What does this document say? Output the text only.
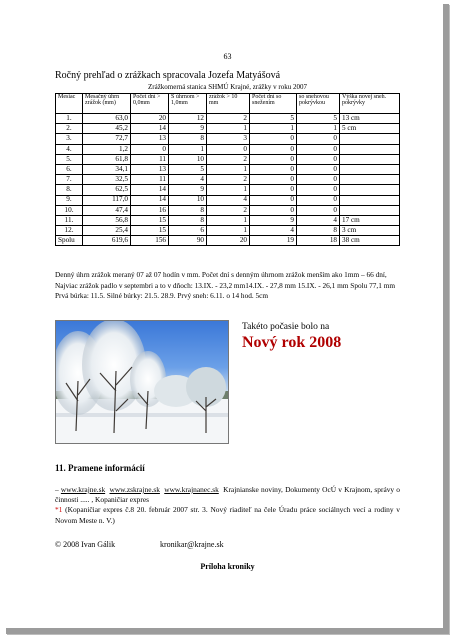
63
Ročný prehľad o zrážkach spracovala Jozefa Matyášová
Zrážkomerná stanica SHMÚ Krajné, zrážky v roku 2007
Mesiac	Mesačný úhrn zrážok (mm)	Počet dní > 0,0mm	S úhrnom > 1,0mm	zrážok > 10 mm	Počet dní so snežením	so snehovou pokrývkou	Výška novej sneh. pokrývky
1.	63,0	20	12	2	5	5	13 cm
2.	45,2	14	9	1	1	1	5 cm
3.	72,7	13	8	3	0	0	
4.	1,2	0	1	0	0	0	
5.	61,8	11	10	2	0	0	
6.	34,1	13	5	1	0	0	
7.	32,5	11	4	2	0	0	
8.	62,5	14	9	1	0	0	
9.	117,0	14	10	4	0	0	
10.	47,4	16	8	2	0	0	
11.	56,8	15	8	1	9	4	17 cm
12.	25,4	15	6	1	4	8	3 cm
Spolu	619,6	156	90	20	19	18	38 cm
Denný úhrn zrážok meraný 07 až 07 hodín v mm. Počet dní s denným úhrnom zrážok menším ako 1mm – 66 dní, Najviac zrážok padlo v septembri a to v dňoch: 13.IX. - 23,2 mm14.IX. - 27,8 mm 15.IX. - 26,1 mm Spolu 77,1 mm
Prvá búrka: 11.5. Silné búrky: 21.5. 28.9. Prvý sneh: 6.11. o 14 hod. 5cm
Takéto počasie bolo na
Nový rok 2008
11. Pramene informácií
– www.krajne.sk www.zskrajne.sk www.krajnanec.sk Krajnianske noviny, Dokumenty OcÚ v Krajnom, správy o činnosti ..... , Kopaničiar expres
*1 (Kopaničiar expres č.8 20. február 2007 str. 3. Nový riaditeľ na čele Úradu práce sociálnych vecí a rodiny v Novom Meste n. V.)
© 2008 Ivan Gálik	kronikar@krajne.sk
Príloha kroniky
